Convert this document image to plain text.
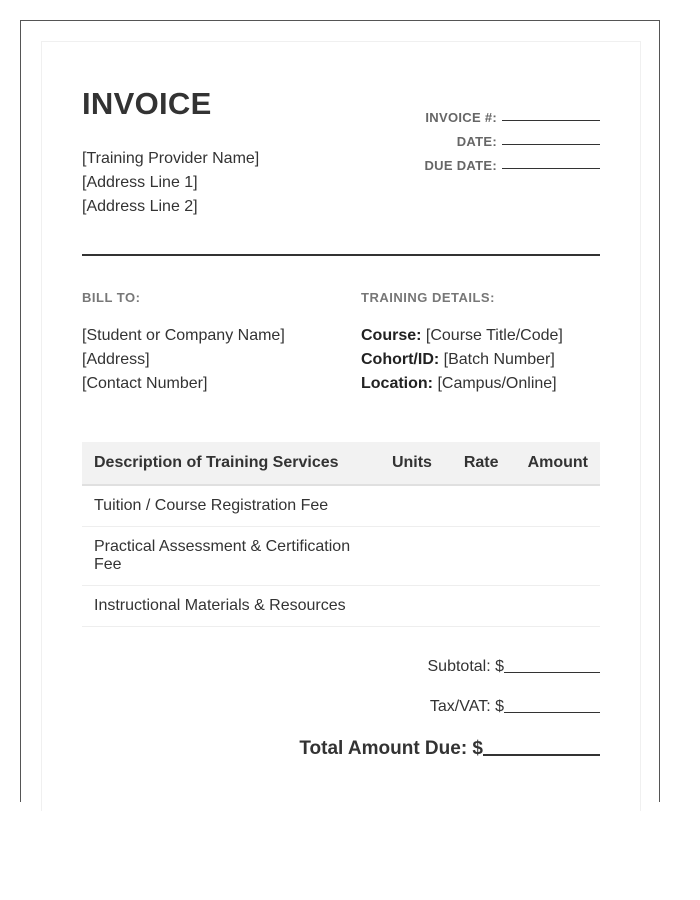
INVOICE
[Training Provider Name]
[Address Line 1]
[Address Line 2]
INVOICE #:
DATE:
DUE DATE:
BILL TO:	TRAINING DETAILS:
[Student or Company Name]
[Address]
[Contact Number]
Course: [Course Title/Code]
Cohort/ID: [Batch Number]
Location: [Campus/Online]
Description of Training Services	Units	Rate	Amount
Tuition / Course Registration Fee			
Practical Assessment & Certification Fee			
Instructional Materials & Resources			
Subtotal: $
Tax/VAT: $
Total Amount Due: $
